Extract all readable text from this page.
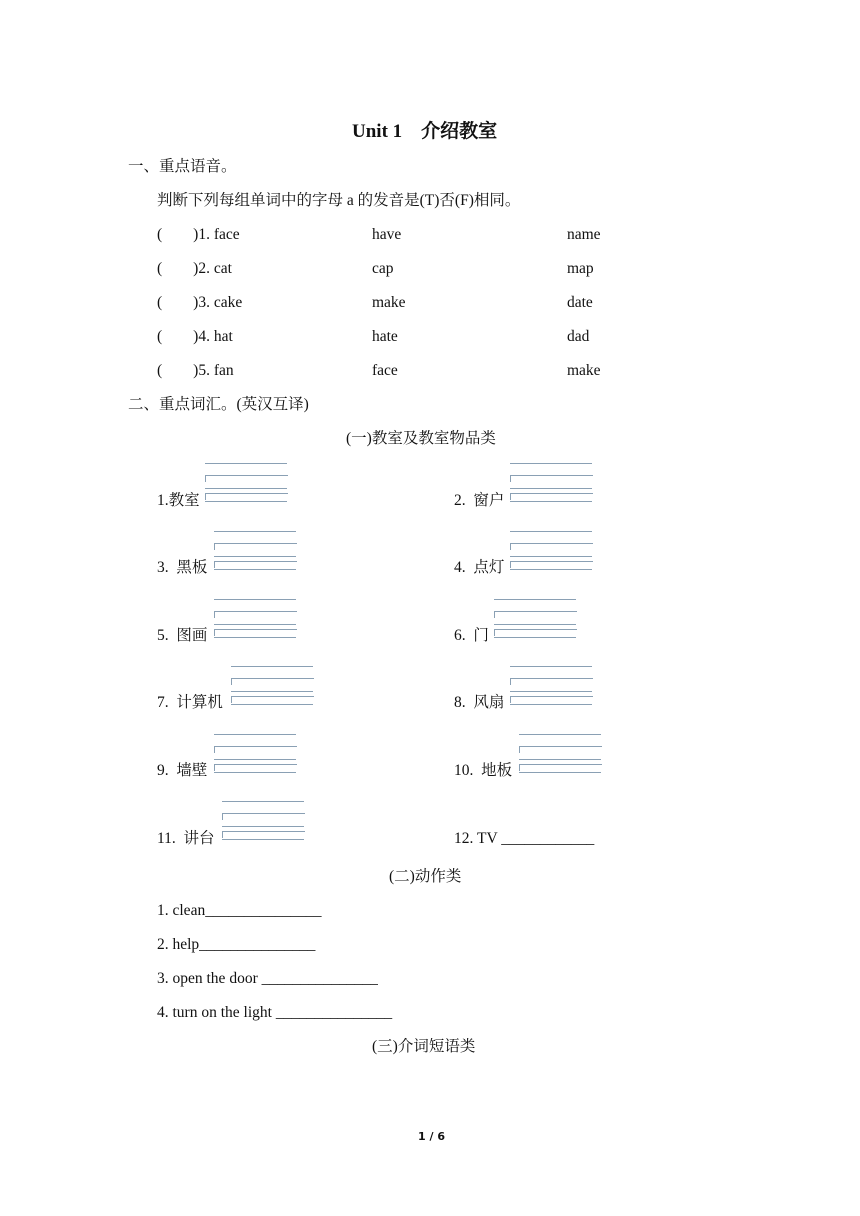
Unit 1　介绍教室
一、重点语音。
判断下列每组单词中的字母 a 的发音是(T)否(F)相同。
(　　)1. face	have	name
(　　)2. cat	cap	map
(　　)3. cake	make	date
(　　)4. hat	hate	dad
(　　)5. fan	face	make
二、重点词汇。(英汉互译)
(一)教室及教室物品类
1.教室	2.  窗户
3.  黑板	4.  点灯
5.  图画	6.  门
7.  计算机	8.  风扇
9.  墙壁	10.  地板
11.  讲台	12. TV ____________
(二)动作类
1. clean_______________
2. help_______________
3. open the door _______________
4. turn on the light _______________
(三)介词短语类
1 / 6
